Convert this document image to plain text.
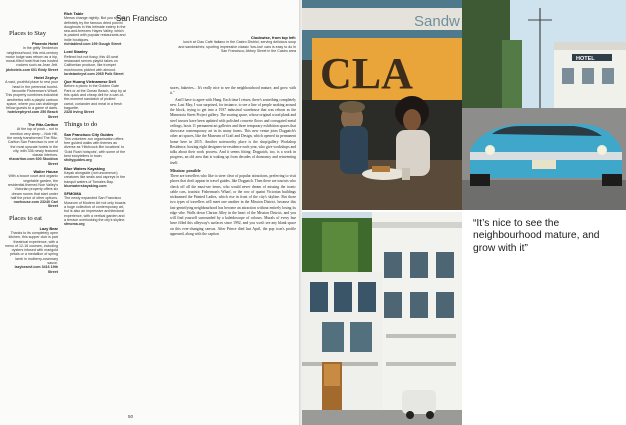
San Francisco
Places to Stay
Phoenix Hotel
In the gritty Tenderloin neighbourhood, this mid-century motor lodge was reborn as a hip, mural-filled hotel that has hosted rockers such as Jean Jett.
jdvhotels.com 601 Eddy Street
Hotel Zephyr
A vast, youthful place to rest your head in the perennial tourist-favourite Fisherman's Wharf. This property combines industrial aesthetics with a playful cartoon space, where you can challenge fellow guests to a game of darts.
hotelzephyrsf.com 250 Beach Street
The Ritz-Carlton
At the top of posh – not to mention very steep – Nob Hill, the newly transformed The Ritz-Carlton San Francisco is one of the most upscale hotels in the city, with 336 newly featured classic interiors.
ritzcarlton.com 600 Stockton Street
Waller House
With a bocce court and organic vegetable garden, the residential-themed Noe Valley's Victorian property offers six dream rooms that start under half the price of other options.
noehouse.com 23240 Carl Street
Places to eat
Lazy Bear
Thanks to its completely open kitchen, this supper club is part theatrical experience, with a menu of 12-16 courses, including oysters infused with marigold petals or a medallion of spring lamb in mulberry-rosemary sauce.
lazybearsf.com 3416 19th Street
Rich Table
Menus change nightly. But you should definitely try the famous dried porcini doughnuts in this intimate eatery in the sea-and-breezes Hayes Valley, which is packed with popular restaurants and indie boutiques.
richtablesf.com 199 Gough Street
Lord Stanley
Refined but not fussy, this 40-seat restaurant serves playful takes on Californian produce, like trumpet mushrooms pickled with almond.
lordstanleysf.com 2065 Polk Street
Que Huong Vietnamese Deli
Before a picnic in the Golden Gate Park or at the Ocean Beach, stop by at this quick and cheap deli for a cart-of-the-moment sandwich of pickled carrot, coriander and meat in a fresh baguette.
2328 Irving Street
Things to do
San Francisco City Guides
This volunteer-run organisation offers free guided walks with themes as diverse as 'Hitchcock film locations' to 'Gold Rush hotspots', with some of the best storytellers in town.
sfcityguides.org
Blue Waters Kayaking
Kayak alongside (not uncommon) creatures like seals and ospreys in the tranquil waters of Tomales Bay.
bluewaterskayaking.com
SFMOMA
The newly expanded San Francisco Museum of Modern Art not only boasts a huge collection of contemporary art, but is also an impressive architectural experience, with a vertical garden and a terrace overlooking the city's skyline.
sfmoma.org
Clockwise, from top left:
lunch at Ciao Café Italiano in the Castro District, serving delicious soup and sandwiches; sporting impressive classic 'low-low' cars is easy to do in San Francisco; Abbey Street in the Castro area

stores, bakeries... It's really nice to see the neighbourhood mature, and grow with it."

And I have to agree with Hang. Each time I return, there's something completely new. Last May, I was surprised, for instance, to see a line of people snaking around the block, trying to get into a 1937 industrial warehouse that was reborn as the Minnesota Street Project gallery. The soaring space, whose original wood plank and steel trusses have been updated with polished concrete floors and corrugated metal ceilings, hosts 11 permanent art galleries and three temporary exhibition spaces that showcase contemporary art in its many forms. This new venue joins Dogpatch's other art spaces, like the Museum of Craft and Design, which opened its permanent home here in 2015. Another noteworthy place is the shop/gallery Workshop Residence, hosting eight designers-in-residence each year, who give workshops and talks about their work process. And it seems fitting: Dogpatch, too, is a work in progress, an old area that is waking up from decades of dormancy and reinventing itself.

Mission: possible

There are travellers who like to steer clear of popular attractions, preferring to visit places that don't appear in travel guides, like Dogpatch. Then there are tourists who check off all the must-see items, who would never dream of missing the iconic cable cars, touristic Fisherman's Wharf, or the row of quaint Victorian buildings nicknamed the Painted Ladies, which rise in front of the city's skyline. But those two types of travellers will meet one another in the Mission District, because this fast-gentrifying neighbourhood has become an attraction without entirely losing its edge vibe. Walls down Clarion Alley in the heart of the Mission District, and you will find yourself surrounded by a kaleidoscope of colours. Murals of every hue have filled this alleyway's surfaces since 1992, and you won't see any blank space on this ever-changing canvas. After Prince died last April, the pop icon's profile appeared, along with the caption

50
Sandw
CLA	HOTEL
“It’s nice to see the neighbourhood mature, and grow with it”
